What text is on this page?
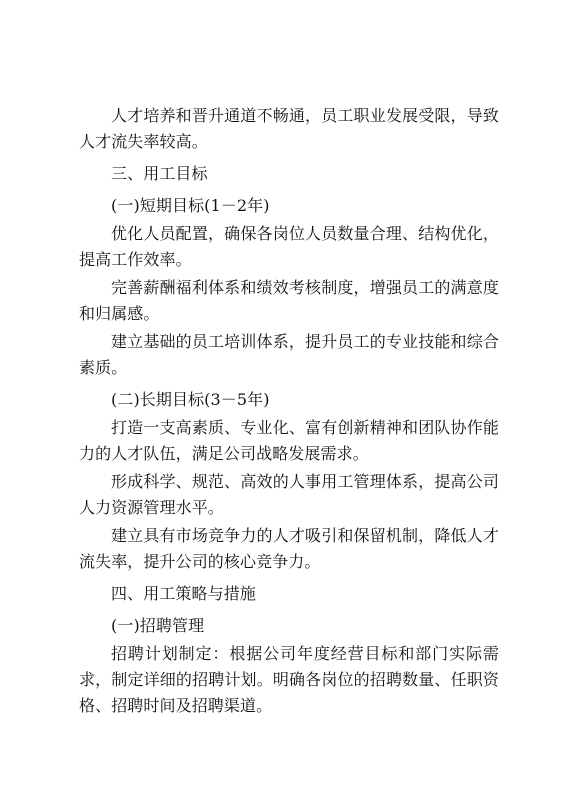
人才培养和晋升通道不畅通，员工职业发展受限，导致人才流失率较高。

三、用工目标

(一)短期目标(1－2年)

优化人员配置，确保各岗位人员数量合理、结构优化，提高工作效率。

完善薪酬福利体系和绩效考核制度，增强员工的满意度和归属感。

建立基础的员工培训体系，提升员工的专业技能和综合素质。

(二)长期目标(3－5年)

打造一支高素质、专业化、富有创新精神和团队协作能力的人才队伍，满足公司战略发展需求。

形成科学、规范、高效的人事用工管理体系，提高公司人力资源管理水平。

建立具有市场竞争力的人才吸引和保留机制，降低人才流失率，提升公司的核心竞争力。

四、用工策略与措施

(一)招聘管理

招聘计划制定：根据公司年度经营目标和部门实际需求，制定详细的招聘计划。明确各岗位的招聘数量、任职资格、招聘时间及招聘渠道。
